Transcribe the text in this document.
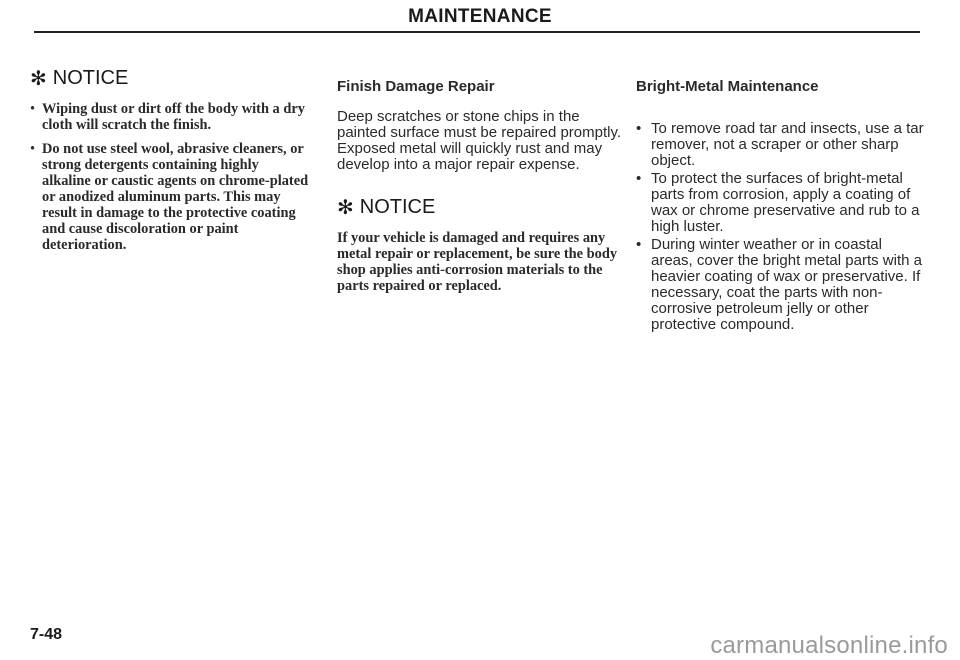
MAINTENANCE
✻ NOTICE
• Wiping dust or dirt off the body with a dry cloth will scratch the finish.
• Do not use steel wool, abrasive cleaners, or strong detergents containing highly alkaline or caustic agents on chrome-plated or anodized aluminum parts. This may result in damage to the protective coating and cause discoloration or paint deterioration.
Finish Damage Repair

Deep scratches or stone chips in the painted surface must be repaired promptly. Exposed metal will quickly rust and may develop into a major repair expense.

✻ NOTICE

If your vehicle is damaged and requires any metal repair or replacement, be sure the body shop applies anti-corrosion materials to the parts repaired or replaced.

Bright-Metal Maintenance
• To remove road tar and insects, use a tar remover, not a scraper or other sharp object.
• To protect the surfaces of bright-metal parts from corrosion, apply a coating of wax or chrome preservative and rub to a high luster.
• During winter weather or in coastal areas, cover the bright metal parts with a heavier coating of wax or preservative. If necessary, coat the parts with non-corrosive petroleum jelly or other protective compound.
7-48	carmanualsonline.info
